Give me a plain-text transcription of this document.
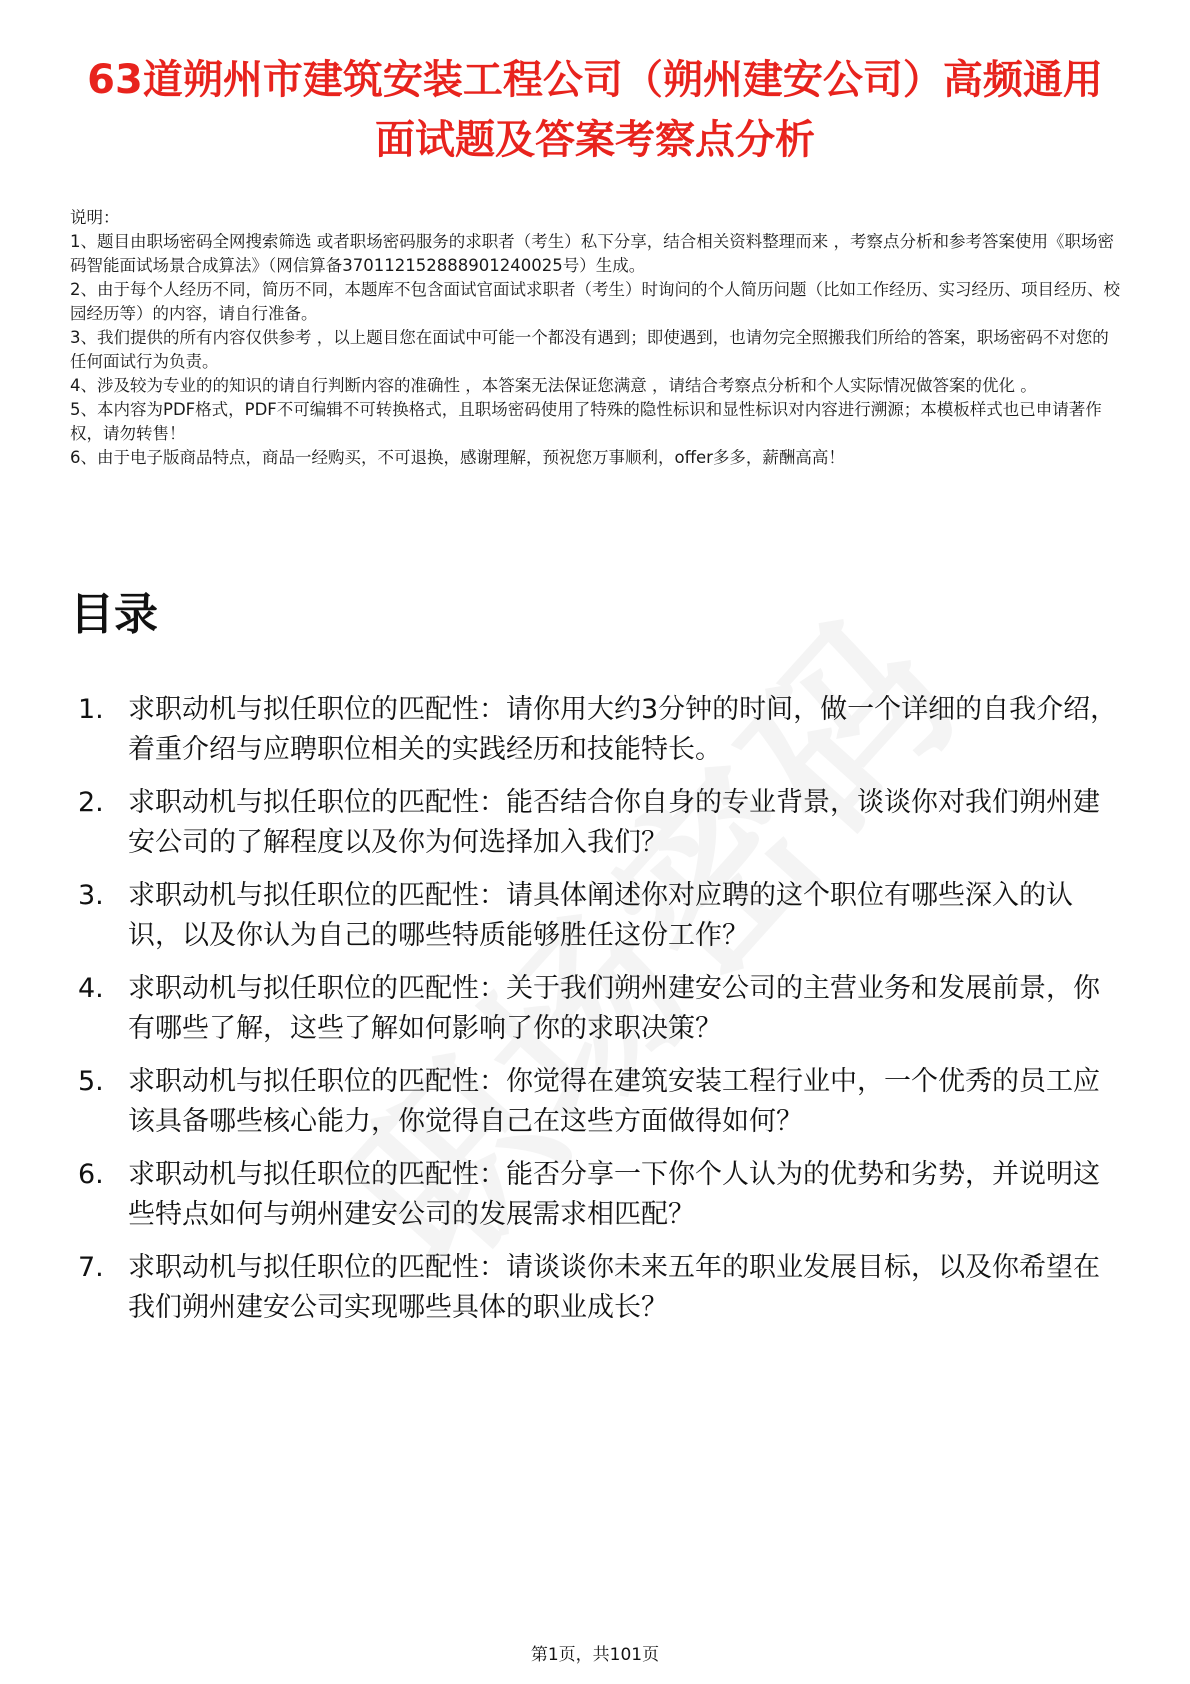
63道朔州市建筑安装工程公司（朔州建安公司）高频通用面试题及答案考察点分析

说明：

1、题目由职场密码全网搜索筛选 或者职场密码服务的求职者（考生）私下分享，结合相关资料整理而来 ，考察点分析和参考答案使用《职场密码智能面试场景合成算法》（网信算备370112152888901240025号）生成。

2、由于每个人经历不同，简历不同，本题库不包含面试官面试求职者（考生）时询问的个人简历问题（比如工作经历、实习经历、项目经历、校园经历等）的内容，请自行准备。

3、我们提供的所有内容仅供参考 ，以上题目您在面试中可能一个都没有遇到；即使遇到，也请勿完全照搬我们所给的答案，职场密码不对您的任何面试行为负责。

4、涉及较为专业的的知识的请自行判断内容的准确性 ，本答案无法保证您满意 ，请结合考察点分析和个人实际情况做答案的优化 。

5、本内容为PDF格式，PDF不可编辑不可转换格式，且职场密码使用了特殊的隐性标识和显性标识对内容进行溯源；本模板样式也已申请著作权，请勿转售！

6、由于电子版商品特点，商品一经购买，不可退换，感谢理解，预祝您万事顺利，offer多多，薪酬高高！

目录
1. 求职动机与拟任职位的匹配性：请你用大约3分钟的时间，做一个详细的自我介绍，着重介绍与应聘职位相关的实践经历和技能特长。
2. 求职动机与拟任职位的匹配性：能否结合你自身的专业背景，谈谈你对我们朔州建安公司的了解程度以及你为何选择加入我们？
3. 求职动机与拟任职位的匹配性：请具体阐述你对应聘的这个职位有哪些深入的认识，以及你认为自己的哪些特质能够胜任这份工作？
4. 求职动机与拟任职位的匹配性：关于我们朔州建安公司的主营业务和发展前景，你有哪些了解，这些了解如何影响了你的求职决策？
5. 求职动机与拟任职位的匹配性：你觉得在建筑安装工程行业中，一个优秀的员工应该具备哪些核心能力，你觉得自己在这些方面做得如何？
6. 求职动机与拟任职位的匹配性：能否分享一下你个人认为的优势和劣势，并说明这些特点如何与朔州建安公司的发展需求相匹配？
7. 求职动机与拟任职位的匹配性：请谈谈你未来五年的职业发展目标，以及你希望在我们朔州建安公司实现哪些具体的职业成长？
第1页，共101页
